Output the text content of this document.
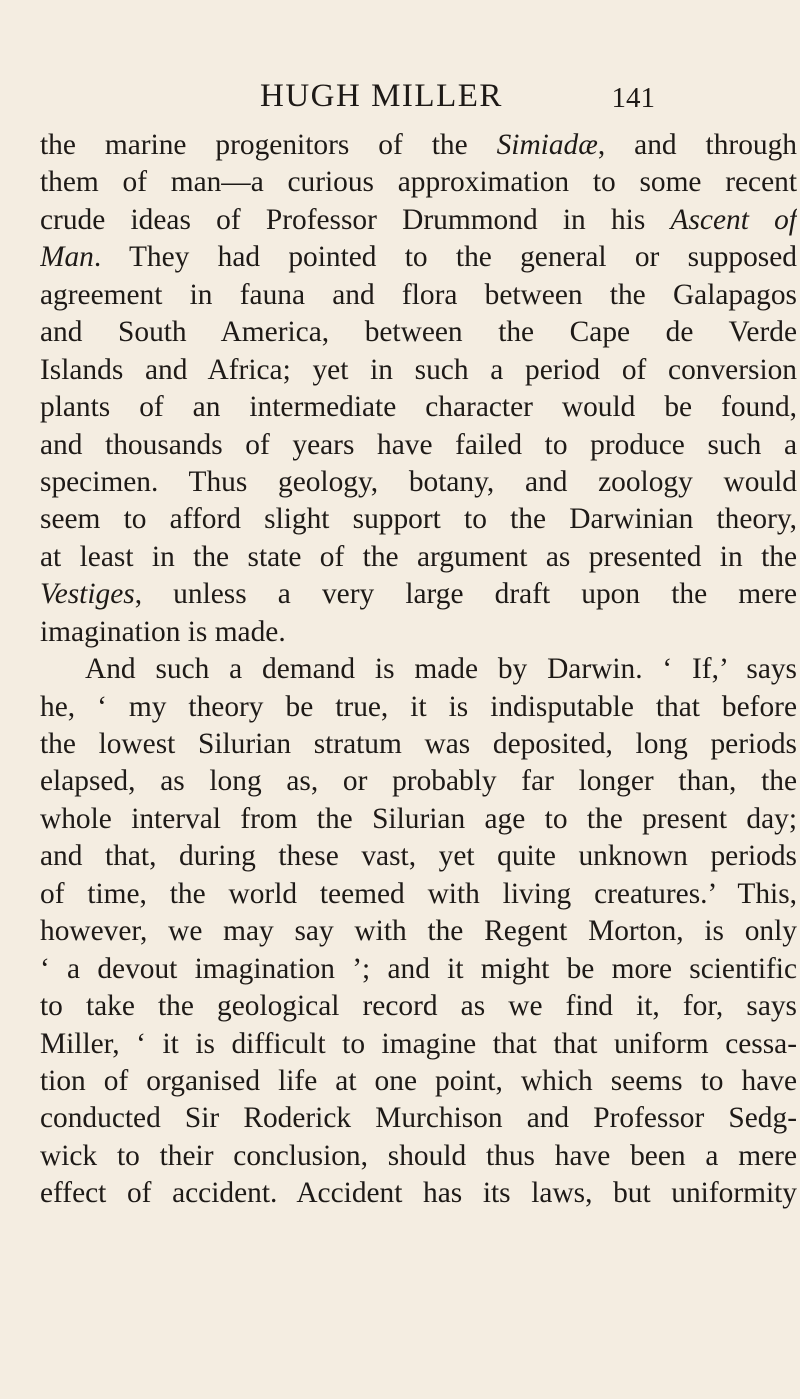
HUGH MILLER	141
the marine progenitors of the Simiadæ, and through
them of man—a curious approximation to some recent
crude ideas of Professor Drummond in his Ascent of
Man. They had pointed to the general or supposed
agreement in fauna and flora between the Galapagos
and South America, between the Cape de Verde
Islands and Africa; yet in such a period of conversion
plants of an intermediate character would be found,
and thousands of years have failed to produce such a
specimen. Thus geology, botany, and zoology would
seem to afford slight support to the Darwinian theory,
at least in the state of the argument as presented in the
Vestiges, unless a very large draft upon the mere
imagination is made.
And such a demand is made by Darwin. ‘ If,’ says
he, ‘ my theory be true, it is indisputable that before
the lowest Silurian stratum was deposited, long periods
elapsed, as long as, or probably far longer than, the
whole interval from the Silurian age to the present day;
and that, during these vast, yet quite unknown periods
of time, the world teemed with living creatures.’ This,
however, we may say with the Regent Morton, is only
‘ a devout imagination ’; and it might be more scientific
to take the geological record as we find it, for, says
Miller, ‘ it is difficult to imagine that that uniform cessa-
tion of organised life at one point, which seems to have
conducted Sir Roderick Murchison and Professor Sedg-
wick to their conclusion, should thus have been a mere
effect of accident. Accident has its laws, but uniformity
